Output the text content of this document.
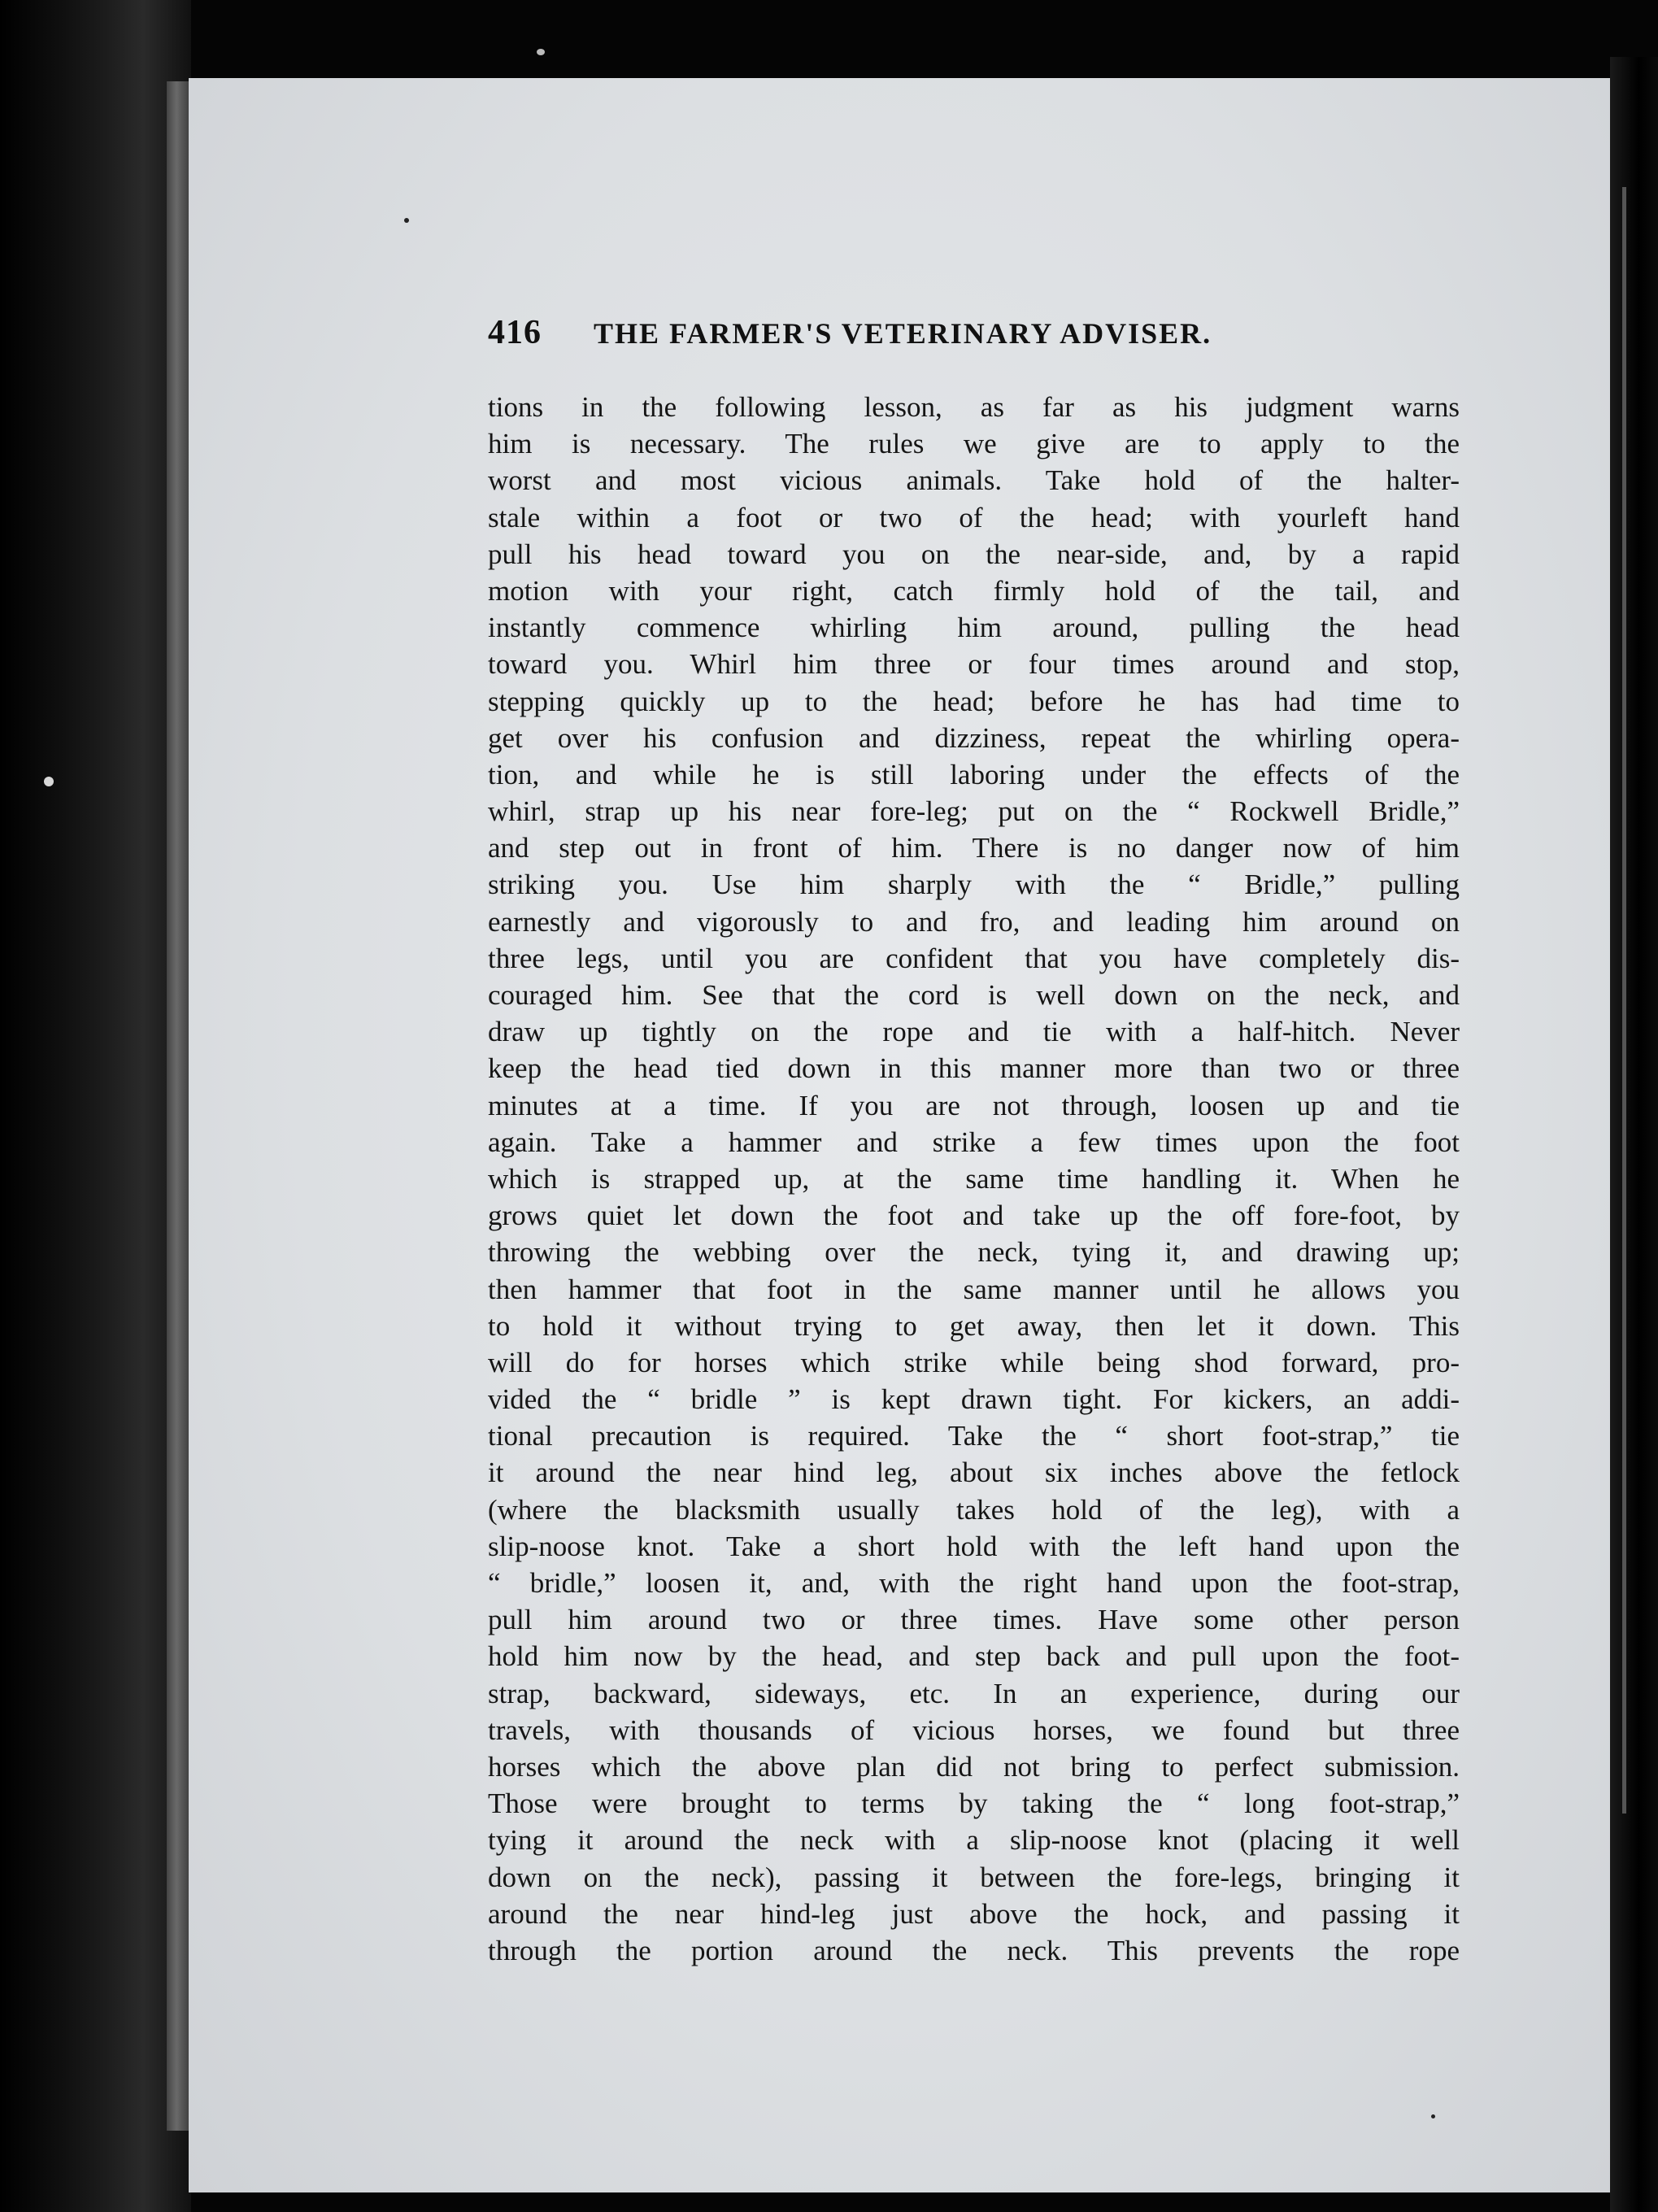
416 THE FARMER'S VETERINARY ADVISER.
tions in the following lesson, as far as his judgment warns
him is necessary. The rules we give are to apply to the
worst and most vicious animals. Take hold of the halter-
stale within a foot or two of the head; with yourleft hand
pull his head toward you on the near-side, and, by a rapid
motion with your right, catch firmly hold of the tail, and
instantly commence whirling him around, pulling the head
toward you. Whirl him three or four times around and stop,
stepping quickly up to the head; before he has had time to
get over his confusion and dizziness, repeat the whirling opera-
tion, and while he is still laboring under the effects of the
whirl, strap up his near fore-leg; put on the “ Rockwell Bridle,”
and step out in front of him. There is no danger now of him
striking you. Use him sharply with the “ Bridle,” pulling
earnestly and vigorously to and fro, and leading him around on
three legs, until you are confident that you have completely dis-
couraged him. See that the cord is well down on the neck, and
draw up tightly on the rope and tie with a half-hitch. Never
keep the head tied down in this manner more than two or three
minutes at a time. If you are not through, loosen up and tie
again. Take a hammer and strike a few times upon the foot
which is strapped up, at the same time handling it. When he
grows quiet let down the foot and take up the off fore-foot, by
throwing the webbing over the neck, tying it, and drawing up;
then hammer that foot in the same manner until he allows you
to hold it without trying to get away, then let it down. This
will do for horses which strike while being shod forward, pro-
vided the “ bridle ” is kept drawn tight. For kickers, an addi-
tional precaution is required. Take the “ short foot-strap,” tie
it around the near hind leg, about six inches above the fetlock
(where the blacksmith usually takes hold of the leg), with a
slip-noose knot. Take a short hold with the left hand upon the
“ bridle,” loosen it, and, with the right hand upon the foot-strap,
pull him around two or three times. Have some other person
hold him now by the head, and step back and pull upon the foot-
strap, backward, sideways, etc. In an experience, during our
travels, with thousands of vicious horses, we found but three
horses which the above plan did not bring to perfect submission.
Those were brought to terms by taking the “ long foot-strap,”
tying it around the neck with a slip-noose knot (placing it well
down on the neck), passing it between the fore-legs, bringing it
around the near hind-leg just above the hock, and passing it
through the portion around the neck. This prevents the rope
